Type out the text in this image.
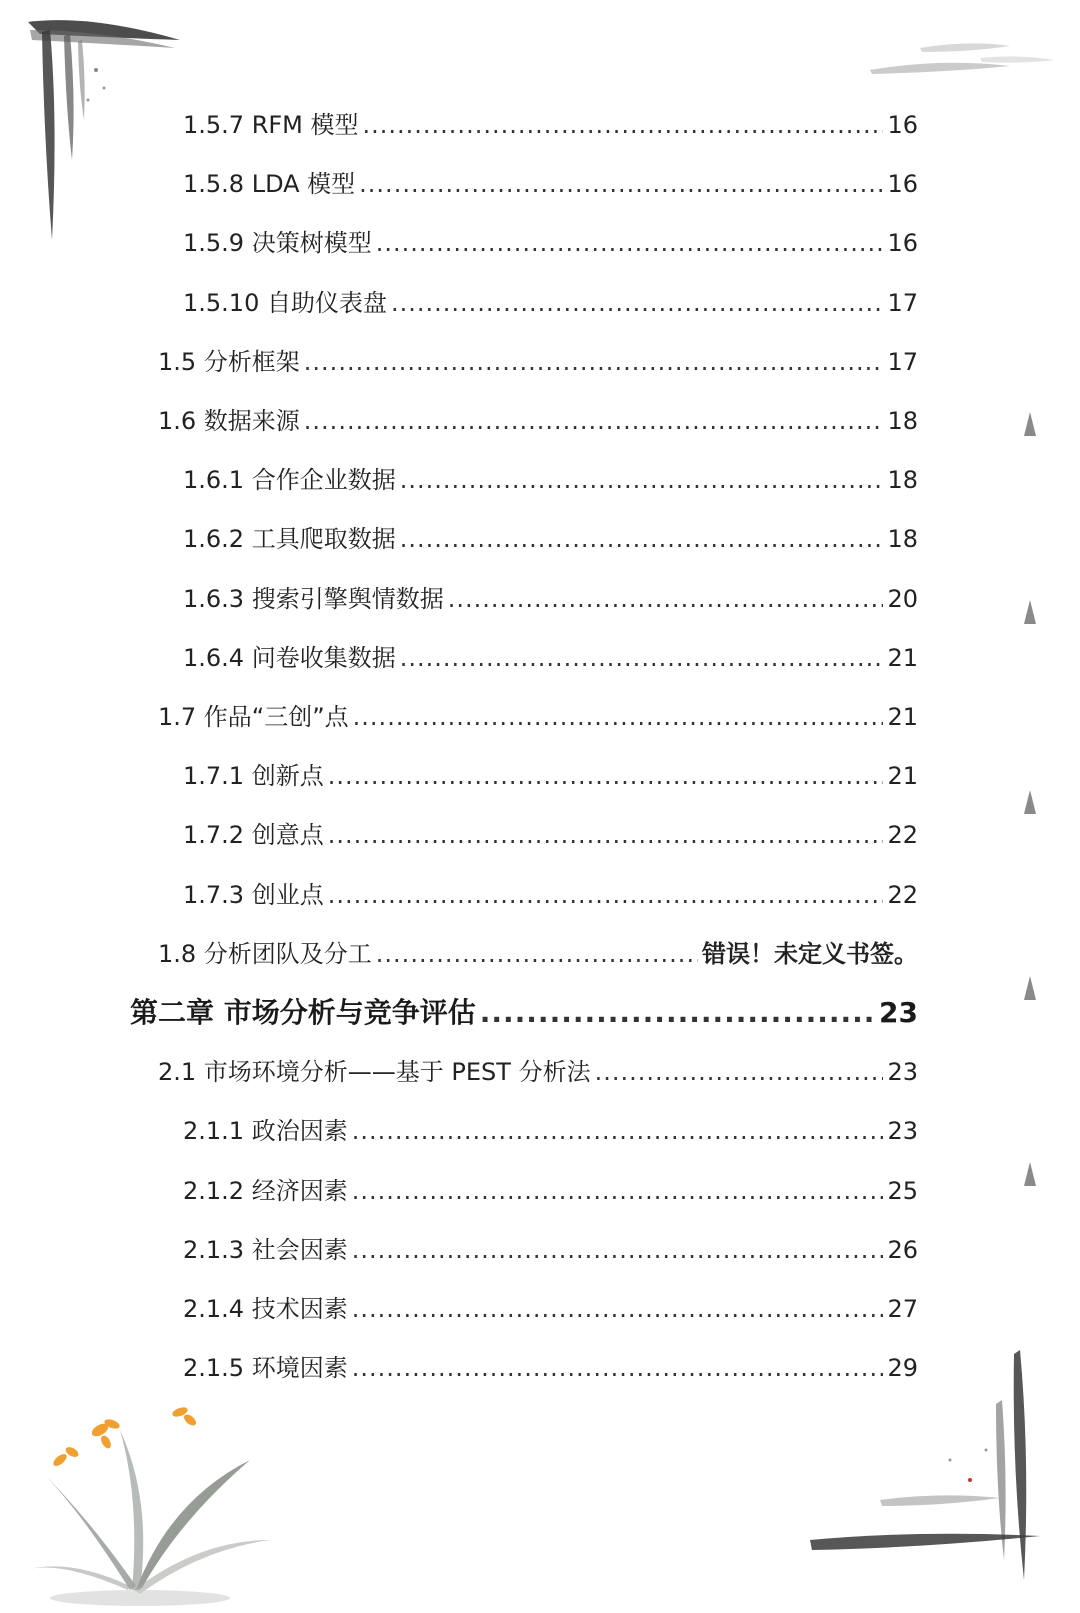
1.5.7 RFM 模型 .....	16
1.5.8 LDA 模型 .....	16
1.5.9 决策树模型 .....	16
1.5.10 自助仪表盘 .....	17
1.5 分析框架 .....	17
1.6 数据来源 .....	18
1.6.1 合作企业数据 .....	18
1.6.2 工具爬取数据 .....	18
1.6.3 搜索引擎舆情数据 .....	20
1.6.4 问卷收集数据 .....	21
1.7 作品“三创”点 .....	21
1.7.1 创新点 .....	21
1.7.2 创意点 .....	22
1.7.3 创业点 .....	22
1.8 分析团队及分工 .....	错误！未定义书签。
第二章 市场分析与竞争评估 .....	23
2.1 市场环境分析——基于 PEST 分析法 .....	23
2.1.1 政治因素 .....	23
2.1.2 经济因素 .....	25
2.1.3 社会因素 .....	26
2.1.4 技术因素 .....	27
2.1.5 环境因素 .....	29
